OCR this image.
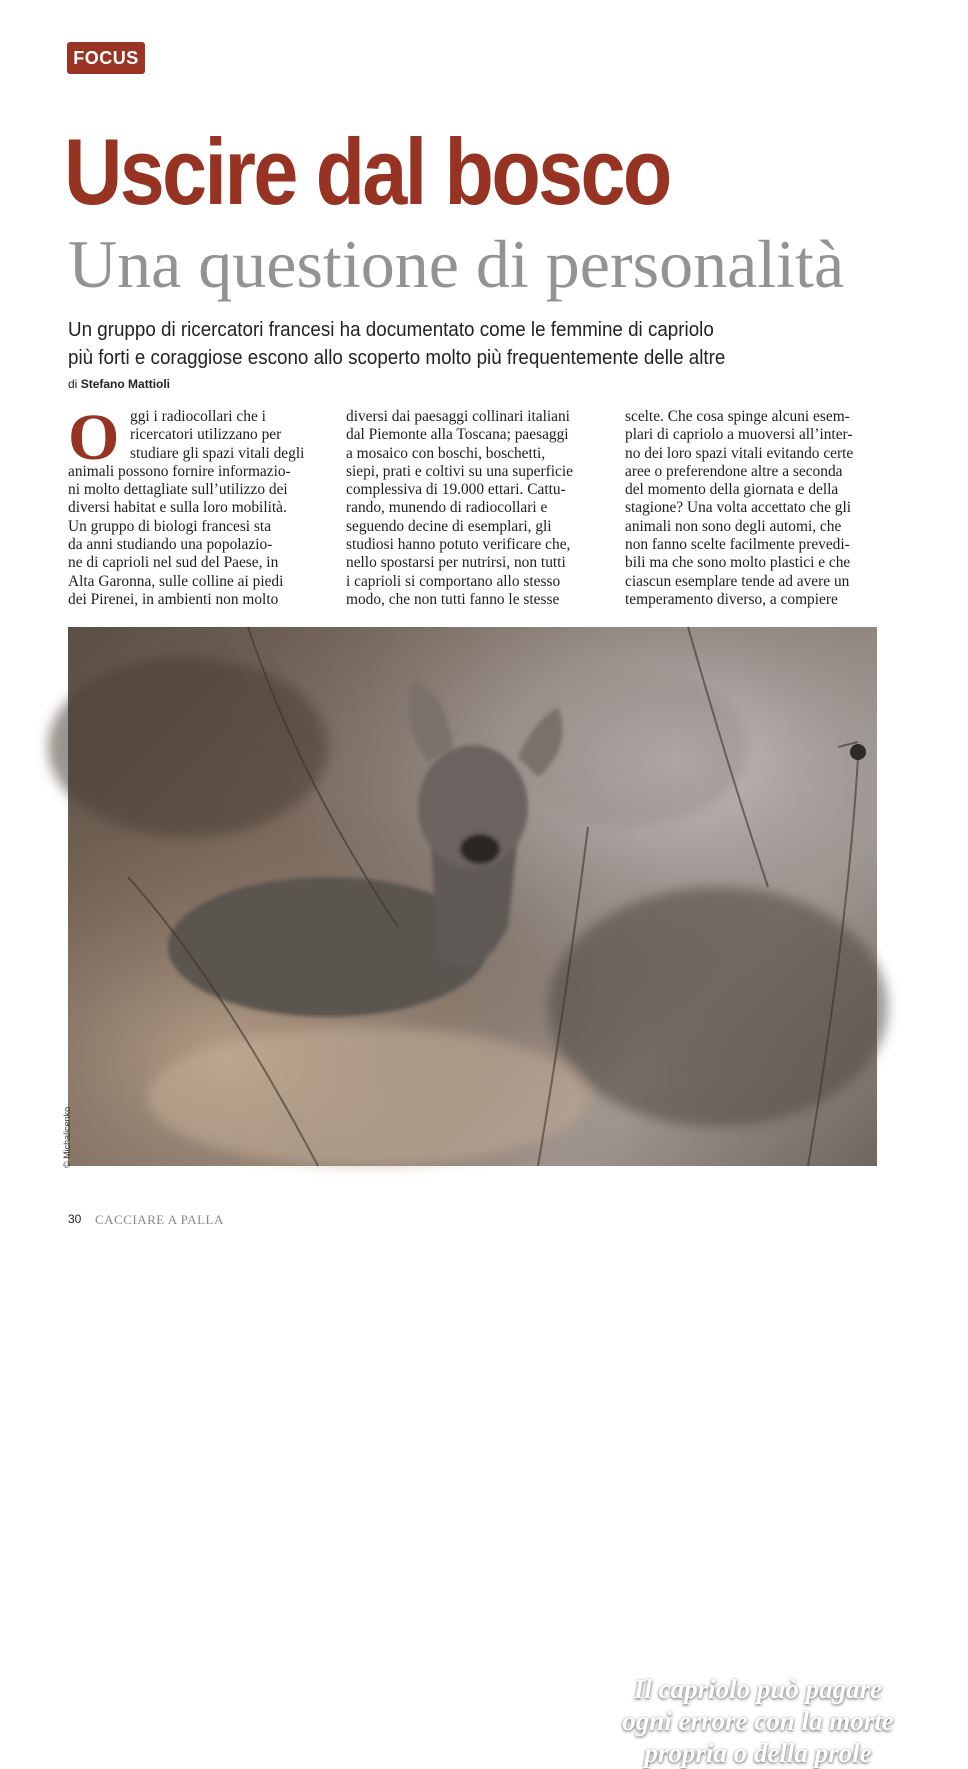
FOCUS
Uscire dal bosco
Una questione di personalità
Un gruppo di ricercatori francesi ha documentato come le femmine di capriolo
più forti e coraggiose escono allo scoperto molto più frequentemente delle altre
di Stefano Mattioli
O ggi i radiocollari che i
ricercatori utilizzano per
studiare gli spazi vitali degli
animali possono fornire informazio-
ni molto dettagliate sull’utilizzo dei
diversi habitat e sulla loro mobilità.
Un gruppo di biologi francesi sta
da anni studiando una popolazio-
ne di caprioli nel sud del Paese, in
Alta Garonna, sulle colline ai piedi
dei Pirenei, in ambienti non molto
diversi dai paesaggi collinari italiani
dal Piemonte alla Toscana; paesaggi
a mosaico con boschi, boschetti,
siepi, prati e coltivi su una superficie
complessiva di 19.000 ettari. Cattu-
rando, munendo di radiocollari e
seguendo decine di esemplari, gli
studiosi hanno potuto verificare che,
nello spostarsi per nutrirsi, non tutti
i caprioli si comportano allo stesso
modo, che non tutti fanno le stesse
scelte. Che cosa spinge alcuni esem-
plari di capriolo a muoversi all’inter-
no dei loro spazi vitali evitando certe
aree o preferendone altre a seconda
del momento della giornata e della
stagione? Una volta accettato che gli
animali non sono degli automi, che
non fanno scelte facilmente prevedi-
bili ma che sono molto plastici e che
ciascun esemplare tende ad avere un
temperamento diverso, a compiere
Il capriolo può pagare
ogni errore con la morte
propria o della prole
© Michalicenko
30 CACCIARE A PALLA
